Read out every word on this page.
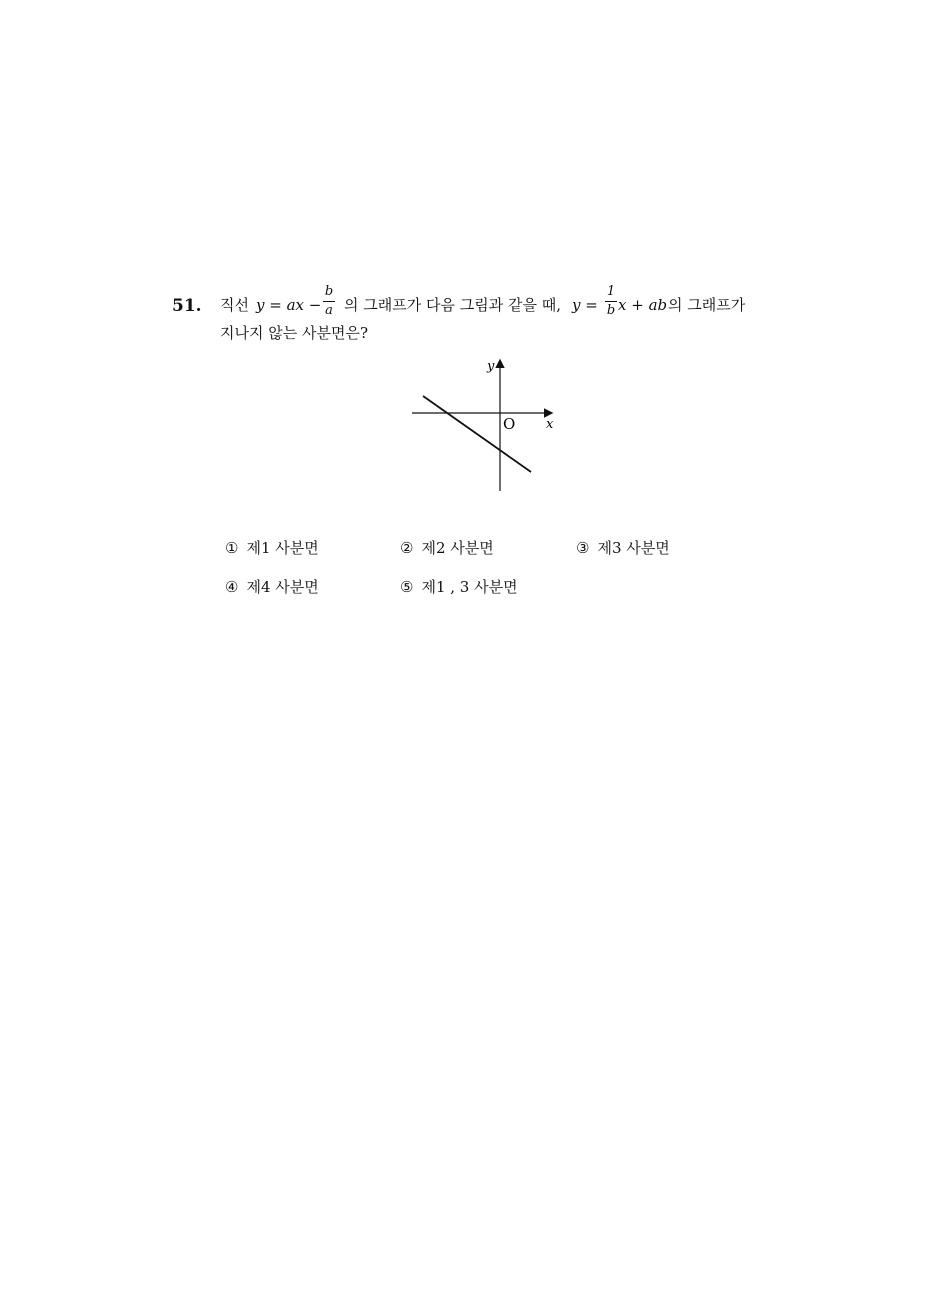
51. 직선 y = ax −
b
a 의 그래프가 다음 그림과 같을 때, y =
1
b x + ab 의 그래프가
지나지 않는 사분면은?
y
x
O
① 제1 사분면	② 제2 사분면	③ 제3 사분면
④ 제4 사분면	⑤ 제1 , 3 사분면
